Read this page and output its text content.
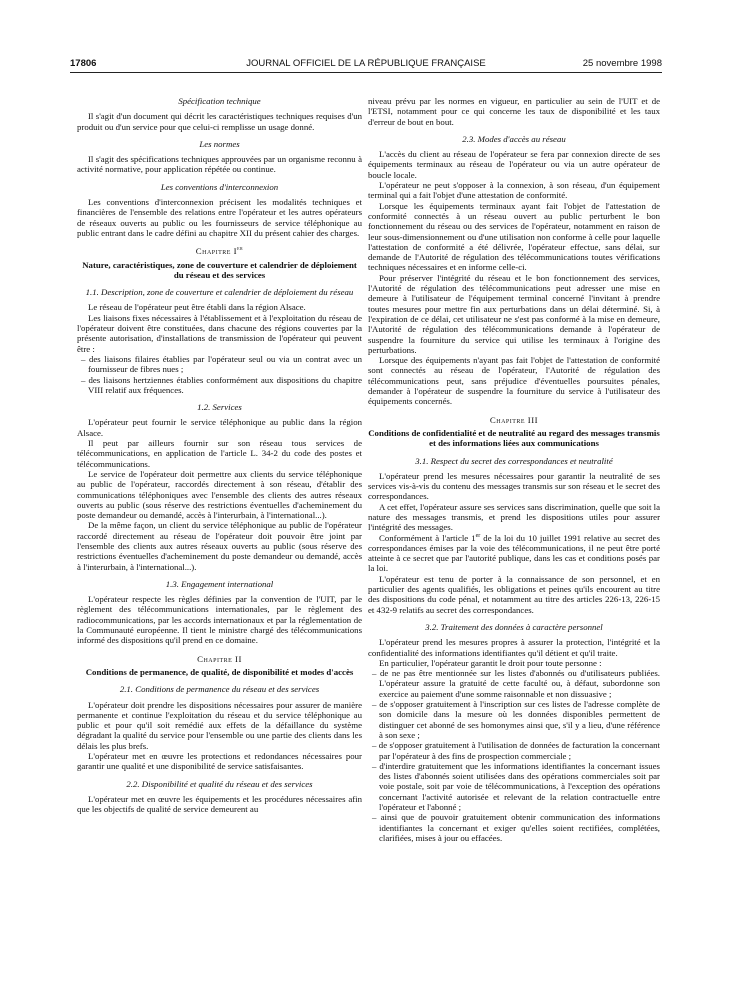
17806	JOURNAL OFFICIEL DE LA RÉPUBLIQUE FRANÇAISE	25 novembre 1998

Spécification technique

Il s'agit d'un document qui décrit les caractéristiques techniques requises d'un produit ou d'un service pour que celui-ci remplisse un usage donné.

Les normes

Il s'agit des spécifications techniques approuvées par un organisme reconnu à activité normative, pour application répétée ou continue.

Les conventions d'interconnexion

Les conventions d'interconnexion précisent les modalités techniques et financières de l'ensemble des relations entre l'opérateur et les autres opérateurs de réseaux ouverts au public ou les fournisseurs de service téléphonique au public entrant dans le cadre défini au chapitre XII du présent cahier des charges.

Chapitre Ier

Nature, caractéristiques, zone de couverture et calendrier de déploiement du réseau et des services

1.1. Description, zone de couverture et calendrier de déploiement du réseau

Le réseau de l'opérateur peut être établi dans la région Alsace.

Les liaisons fixes nécessaires à l'établissement et à l'exploitation du réseau de l'opérateur doivent être constituées, dans chacune des régions couvertes par la présente autorisation, d'installations de transmission de l'opérateur qui peuvent être :

– des liaisons filaires établies par l'opérateur seul ou via un contrat avec un fournisseur de fibres nues ;
– des liaisons hertziennes établies conformément aux dispositions du chapitre VIII relatif aux fréquences.

1.2. Services

L'opérateur peut fournir le service téléphonique au public dans la région Alsace.

Il peut par ailleurs fournir sur son réseau tous services de télécommunications, en application de l'article L. 34-2 du code des postes et télécommunications.

Le service de l'opérateur doit permettre aux clients du service téléphonique au public de l'opérateur, raccordés directement à son réseau, d'établir des communications téléphoniques avec l'ensemble des clients des autres réseaux ouverts au public (sous réserve des restrictions éventuelles d'acheminement du poste demandeur ou demandé, accès à l'interurbain, à l'international...).

De la même façon, un client du service téléphonique au public de l'opérateur raccordé directement au réseau de l'opérateur doit pouvoir être joint par l'ensemble des clients aux autres réseaux ouverts au public (sous réserve des restrictions éventuelles d'acheminement du poste demandeur ou demandé, accès à l'interurbain, à l'international...).

1.3. Engagement international

L'opérateur respecte les règles définies par la convention de l'UIT, par le règlement des télécommunications internationales, par le règlement des radiocommunications, par les accords internationaux et par la réglementation de la Communauté européenne. Il tient le ministre chargé des télécommunications informé des dispositions qu'il prend en ce domaine.

Chapitre II

Conditions de permanence, de qualité, de disponibilité et modes d'accès

2.1. Conditions de permanence du réseau et des services

L'opérateur doit prendre les dispositions nécessaires pour assurer de manière permanente et continue l'exploitation du réseau et du service téléphonique au public et pour qu'il soit remédié aux effets de la défaillance du système dégradant la qualité du service pour l'ensemble ou une partie des clients dans les délais les plus brefs.

L'opérateur met en œuvre les protections et redondances nécessaires pour garantir une qualité et une disponibilité de service satisfaisantes.

2.2. Disponibilité et qualité du réseau et des services

L'opérateur met en œuvre les équipements et les procédures nécessaires afin que les objectifs de qualité de service demeurent au

niveau prévu par les normes en vigueur, en particulier au sein de l'UIT et de l'ETSI, notamment pour ce qui concerne les taux de disponibilité et les taux d'erreur de bout en bout.

2.3. Modes d'accès au réseau

L'accès du client au réseau de l'opérateur se fera par connexion directe de ses équipements terminaux au réseau de l'opérateur ou via un autre opérateur de boucle locale.

L'opérateur ne peut s'opposer à la connexion, à son réseau, d'un équipement terminal qui a fait l'objet d'une attestation de conformité.

Lorsque les équipements terminaux ayant fait l'objet de l'attestation de conformité connectés à un réseau ouvert au public perturbent le bon fonctionnement du réseau ou des services de l'opérateur, notamment en raison de leur sous-dimensionnement ou d'une utilisation non conforme à celle pour laquelle l'attestation de conformité a été délivrée, l'opérateur effectue, sans délai, sur demande de l'Autorité de régulation des télécommunications toutes vérifications techniques nécessaires et en informe celle-ci.

Pour préserver l'intégrité du réseau et le bon fonctionnement des services, l'Autorité de régulation des télécommunications peut adresser une mise en demeure à l'utilisateur de l'équipement terminal concerné l'invitant à prendre toutes mesures pour mettre fin aux perturbations dans un délai déterminé. Si, à l'expiration de ce délai, cet utilisateur ne s'est pas conformé à la mise en demeure, l'Autorité de régulation des télécommunications demande à l'opérateur de suspendre la fourniture du service qui utilise les terminaux à l'origine des perturbations.

Lorsque des équipements n'ayant pas fait l'objet de l'attestation de conformité sont connectés au réseau de l'opérateur, l'Autorité de régulation des télécommunications peut, sans préjudice d'éventuelles poursuites pénales, demander à l'opérateur de suspendre la fourniture du service à l'utilisateur des équipements concernés.

Chapitre III

Conditions de confidentialité et de neutralité au regard des messages transmis et des informations liées aux communications

3.1. Respect du secret des correspondances et neutralité

L'opérateur prend les mesures nécessaires pour garantir la neutralité de ses services vis-à-vis du contenu des messages transmis sur son réseau et le secret des correspondances.

A cet effet, l'opérateur assure ses services sans discrimination, quelle que soit la nature des messages transmis, et prend les dispositions utiles pour assurer l'intégrité des messages.

Conformément à l'article 1er de la loi du 10 juillet 1991 relative au secret des correspondances émises par la voie des télécommunications, il ne peut être porté atteinte à ce secret que par l'autorité publique, dans les cas et conditions posés par la loi.

L'opérateur est tenu de porter à la connaissance de son personnel, et en particulier des agents qualifiés, les obligations et peines qu'ils encourent au titre des dispositions du code pénal, et notamment au titre des articles 226-13, 226-15 et 432-9 relatifs au secret des correspondances.

3.2. Traitement des données à caractère personnel

L'opérateur prend les mesures propres à assurer la protection, l'intégrité et la confidentialité des informations identifiantes qu'il détient et qu'il traite.

En particulier, l'opérateur garantit le droit pour toute personne :

– de ne pas être mentionnée sur les listes d'abonnés ou d'utilisateurs publiées. L'opérateur assure la gratuité de cette faculté ou, à défaut, subordonne son exercice au paiement d'une somme raisonnable et non dissuasive ;
– de s'opposer gratuitement à l'inscription sur ces listes de l'adresse complète de son domicile dans la mesure où les données disponibles permettent de distinguer cet abonné de ses homonymes ainsi que, s'il y a lieu, d'une référence à son sexe ;
– de s'opposer gratuitement à l'utilisation de données de facturation la concernant par l'opérateur à des fins de prospection commerciale ;
– d'interdire gratuitement que les informations identifiantes la concernant issues des listes d'abonnés soient utilisées dans des opérations commerciales soit par voie postale, soit par voie de télécommunications, à l'exception des opérations concernant l'activité autorisée et relevant de la relation contractuelle entre l'opérateur et l'abonné ;
– ainsi que de pouvoir gratuitement obtenir communication des informations identifiantes la concernant et exiger qu'elles soient rectifiées, complétées, clarifiées, mises à jour ou effacées.
